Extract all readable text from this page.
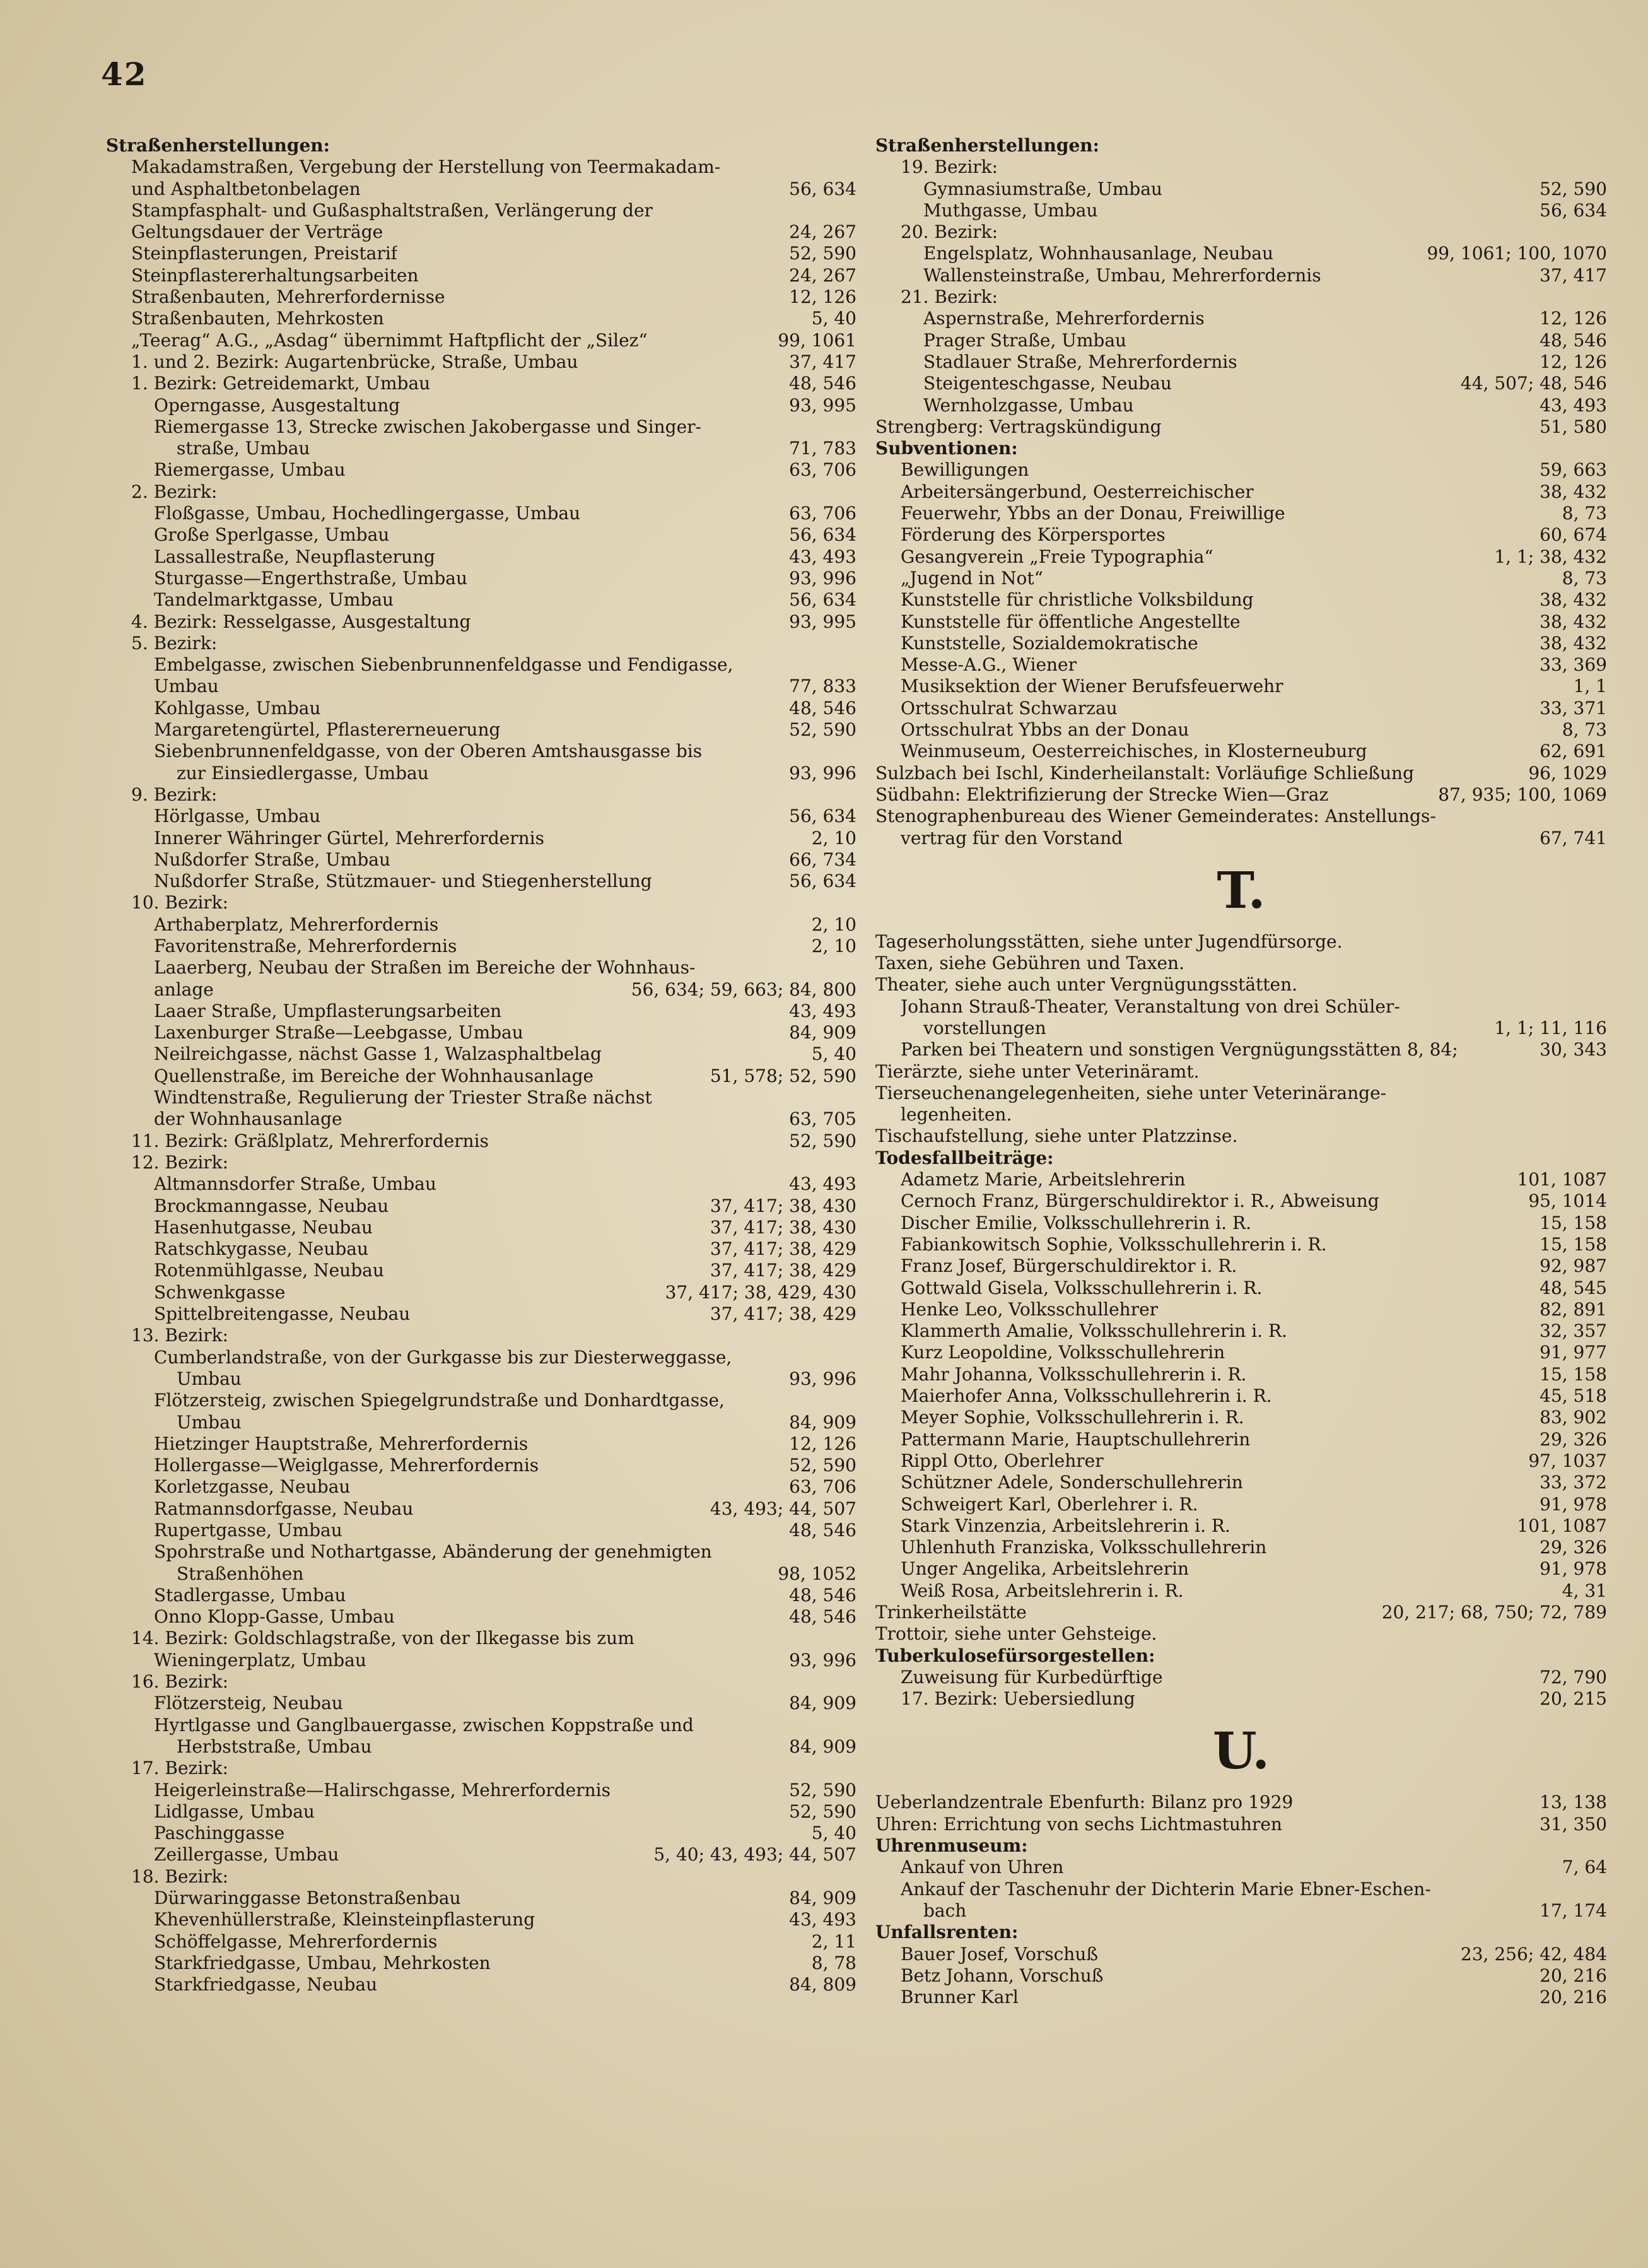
42
Straßenherstellungen:
Makadamstraßen, Vergebung der Herstellung von Teermakadam-
und Asphaltbetonbelagen	56, 634
Stampfasphalt- und Gußasphaltstraßen, Verlängerung der
Geltungsdauer der Verträge	24, 267
Steinpflasterungen, Preistarif	52, 590
Steinpflastererhaltungsarbeiten	24, 267
Straßenbauten, Mehrerfordernisse	12, 126
Straßenbauten, Mehrkosten	5, 40
„Teerag“ A.G., „Asdag“ übernimmt Haftpflicht der „Silez“	99, 1061
1. und 2. Bezirk: Augartenbrücke, Straße, Umbau	37, 417
1. Bezirk: Getreidemarkt, Umbau	48, 546
Operngasse, Ausgestaltung	93, 995
Riemergasse 13, Strecke zwischen Jakobergasse und Singer-
straße, Umbau	71, 783
Riemergasse, Umbau	63, 706
2. Bezirk:
Floßgasse, Umbau, Hochedlingergasse, Umbau	63, 706
Große Sperlgasse, Umbau	56, 634
Lassallestraße, Neupflasterung	43, 493
Sturgasse—Engerthstraße, Umbau	93, 996
Tandelmarktgasse, Umbau	56, 634
4. Bezirk: Resselgasse, Ausgestaltung	93, 995
5. Bezirk:
Embelgasse, zwischen Siebenbrunnenfeldgasse und Fendigasse,
Umbau	77, 833
Kohlgasse, Umbau	48, 546
Margaretengürtel, Pflastererneuerung	52, 590
Siebenbrunnenfeldgasse, von der Oberen Amtshausgasse bis
zur Einsiedlergasse, Umbau	93, 996
9. Bezirk:
Hörlgasse, Umbau	56, 634
Innerer Währinger Gürtel, Mehrerfordernis	2, 10
Nußdorfer Straße, Umbau	66, 734
Nußdorfer Straße, Stützmauer- und Stiegenherstellung	56, 634
10. Bezirk:
Arthaberplatz, Mehrerfordernis	2, 10
Favoritenstraße, Mehrerfordernis	2, 10
Laaerberg, Neubau der Straßen im Bereiche der Wohnhaus-
anlage	56, 634; 59, 663; 84, 800
Laaer Straße, Umpflasterungsarbeiten	43, 493
Laxenburger Straße—Leebgasse, Umbau	84, 909
Neilreichgasse, nächst Gasse 1, Walzasphaltbelag	5, 40
Quellenstraße, im Bereiche der Wohnhausanlage	51, 578; 52, 590
Windtenstraße, Regulierung der Triester Straße nächst
der Wohnhausanlage	63, 705
11. Bezirk: Gräßlplatz, Mehrerfordernis	52, 590
12. Bezirk:
Altmannsdorfer Straße, Umbau	43, 493
Brockmanngasse, Neubau	37, 417; 38, 430
Hasenhutgasse, Neubau	37, 417; 38, 430
Ratschkygasse, Neubau	37, 417; 38, 429
Rotenmühlgasse, Neubau	37, 417; 38, 429
Schwenkgasse	37, 417; 38, 429, 430
Spittelbreitengasse, Neubau	37, 417; 38, 429
13. Bezirk:
Cumberlandstraße, von der Gurkgasse bis zur Diesterweggasse,
Umbau	93, 996
Flötzersteig, zwischen Spiegelgrundstraße und Donhardtgasse,
Umbau	84, 909
Hietzinger Hauptstraße, Mehrerfordernis	12, 126
Hollergasse—Weiglgasse, Mehrerfordernis	52, 590
Korletzgasse, Neubau	63, 706
Ratmannsdorfgasse, Neubau	43, 493; 44, 507
Rupertgasse, Umbau	48, 546
Spohrstraße und Nothartgasse, Abänderung der genehmigten
Straßenhöhen	98, 1052
Stadlergasse, Umbau	48, 546
Onno Klopp-Gasse, Umbau	48, 546
14. Bezirk: Goldschlagstraße, von der Ilkegasse bis zum
Wieningerplatz, Umbau	93, 996
16. Bezirk:
Flötzersteig, Neubau	84, 909
Hyrtlgasse und Ganglbauergasse, zwischen Koppstraße und
Herbststraße, Umbau	84, 909
17. Bezirk:
Heigerleinstraße—Halirschgasse, Mehrerfordernis	52, 590
Lidlgasse, Umbau	52, 590
Paschinggasse	5, 40
Zeillergasse, Umbau	5, 40; 43, 493; 44, 507
18. Bezirk:
Dürwaringgasse Betonstraßenbau	84, 909
Khevenhüllerstraße, Kleinsteinpflasterung	43, 493
Schöffelgasse, Mehrerfordernis	2, 11
Starkfriedgasse, Umbau, Mehrkosten	8, 78
Starkfriedgasse, Neubau	84, 809
Straßenherstellungen:
19. Bezirk:
Gymnasiumstraße, Umbau	52, 590
Muthgasse, Umbau	56, 634
20. Bezirk:
Engelsplatz, Wohnhausanlage, Neubau	99, 1061; 100, 1070
Wallensteinstraße, Umbau, Mehrerfordernis	37, 417
21. Bezirk:
Aspernstraße, Mehrerfordernis	12, 126
Prager Straße, Umbau	48, 546
Stadlauer Straße, Mehrerfordernis	12, 126
Steigenteschgasse, Neubau	44, 507; 48, 546
Wernholzgasse, Umbau	43, 493
Strengberg: Vertragskündigung	51, 580
Subventionen:
Bewilligungen	59, 663
Arbeitersängerbund, Oesterreichischer	38, 432
Feuerwehr, Ybbs an der Donau, Freiwillige	8, 73
Förderung des Körpersportes	60, 674
Gesangverein „Freie Typographia“	1, 1; 38, 432
„Jugend in Not“	8, 73
Kunststelle für christliche Volksbildung	38, 432
Kunststelle für öffentliche Angestellte	38, 432
Kunststelle, Sozialdemokratische	38, 432
Messe-A.G., Wiener	33, 369
Musiksektion der Wiener Berufsfeuerwehr	1, 1
Ortsschulrat Schwarzau	33, 371
Ortsschulrat Ybbs an der Donau	8, 73
Weinmuseum, Oesterreichisches, in Klosterneuburg	62, 691
Sulzbach bei Ischl, Kinderheilanstalt: Vorläufige Schließung	96, 1029
Südbahn: Elektrifizierung der Strecke Wien—Graz	87, 935; 100, 1069
Stenographenbureau des Wiener Gemeinderates: Anstellungs-
vertrag für den Vorstand	67, 741
T.
Tageserholungsstätten, siehe unter Jugendfürsorge.
Taxen, siehe Gebühren und Taxen.
Theater, siehe auch unter Vergnügungsstätten.
Johann Strauß-Theater, Veranstaltung von drei Schüler-
vorstellungen	1, 1; 11, 116
Parken bei Theatern und sonstigen Vergnügungsstätten 8, 84;	30, 343
Tierärzte, siehe unter Veterinäramt.
Tierseuchenangelegenheiten, siehe unter Veterinärange-
legenheiten.
Tischaufstellung, siehe unter Platzzinse.
Todesfallbeiträge:
Adametz Marie, Arbeitslehrerin	101, 1087
Cernoch Franz, Bürgerschuldirektor i. R., Abweisung	95, 1014
Discher Emilie, Volksschullehrerin i. R.	15, 158
Fabiankowitsch Sophie, Volksschullehrerin i. R.	15, 158
Franz Josef, Bürgerschuldirektor i. R.	92, 987
Gottwald Gisela, Volksschullehrerin i. R.	48, 545
Henke Leo, Volksschullehrer	82, 891
Klammerth Amalie, Volksschullehrerin i. R.	32, 357
Kurz Leopoldine, Volksschullehrerin	91, 977
Mahr Johanna, Volksschullehrerin i. R.	15, 158
Maierhofer Anna, Volksschullehrerin i. R.	45, 518
Meyer Sophie, Volksschullehrerin i. R.	83, 902
Pattermann Marie, Hauptschullehrerin	29, 326
Rippl Otto, Oberlehrer	97, 1037
Schützner Adele, Sonderschullehrerin	33, 372
Schweigert Karl, Oberlehrer i. R.	91, 978
Stark Vinzenzia, Arbeitslehrerin i. R.	101, 1087
Uhlenhuth Franziska, Volksschullehrerin	29, 326
Unger Angelika, Arbeitslehrerin	91, 978
Weiß Rosa, Arbeitslehrerin i. R.	4, 31
Trinkerheilstätte	20, 217; 68, 750; 72, 789
Trottoir, siehe unter Gehsteige.
Tuberkulosefürsorgestellen:
Zuweisung für Kurbedürftige	72, 790
17. Bezirk: Uebersiedlung	20, 215
U.
Ueberlandzentrale Ebenfurth: Bilanz pro 1929	13, 138
Uhren: Errichtung von sechs Lichtmastuhren	31, 350
Uhrenmuseum:
Ankauf von Uhren	7, 64
Ankauf der Taschenuhr der Dichterin Marie Ebner-Eschen-
bach	17, 174
Unfallsrenten:
Bauer Josef, Vorschuß	23, 256; 42, 484
Betz Johann, Vorschuß	20, 216
Brunner Karl	20, 216
